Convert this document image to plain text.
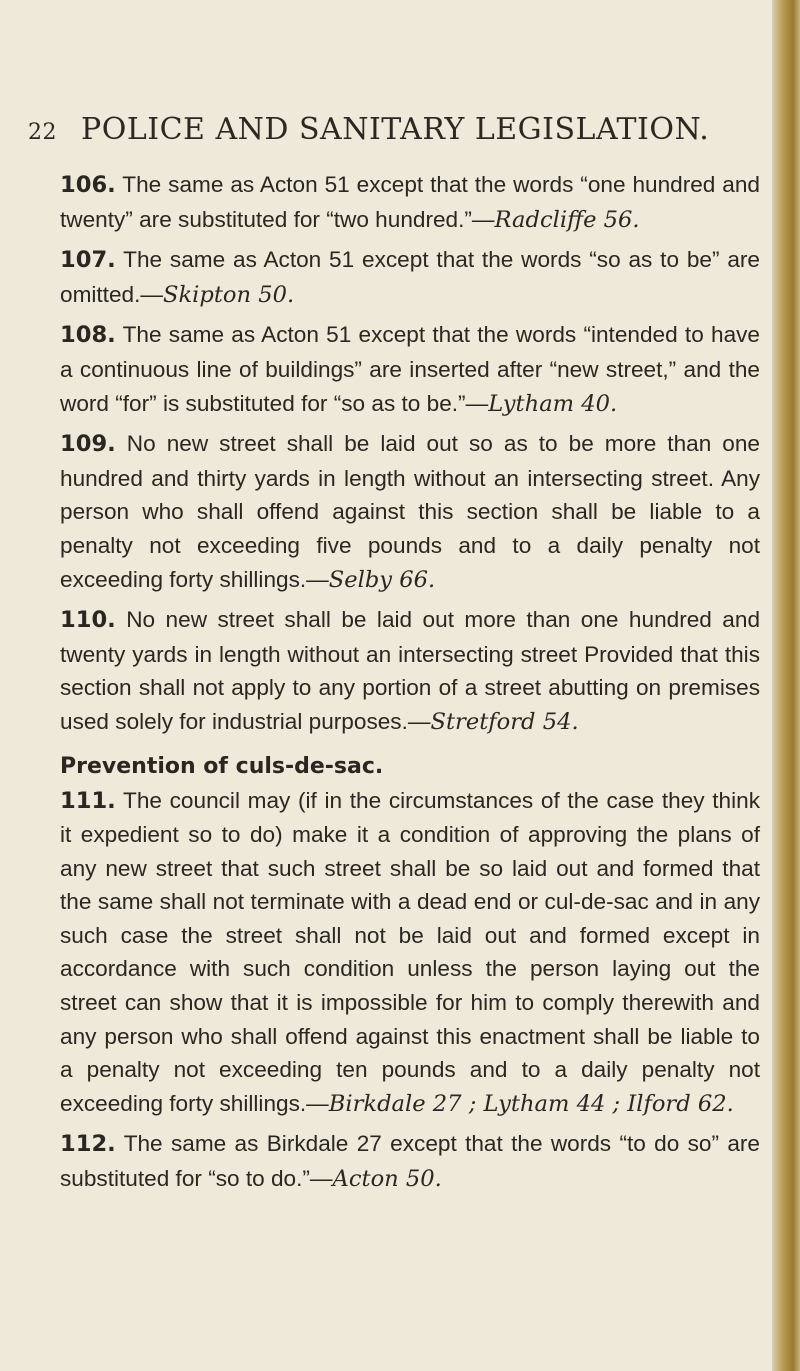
22 POLICE AND SANITARY LEGISLATION.

106. The same as Acton 51 except that the words “one hundred and twenty” are substituted for “two hundred.”—Radcliffe 56.

107. The same as Acton 51 except that the words “so as to be” are omitted.—Skipton 50.

108. The same as Acton 51 except that the words “intended to have a continuous line of buildings” are inserted after “new street,” and the word “for” is substituted for “so as to be.”—Lytham 40.

109. No new street shall be laid out so as to be more than one hundred and thirty yards in length without an intersecting street. Any person who shall offend against this section shall be liable to a penalty not exceeding five pounds and to a daily penalty not exceeding forty shillings.—Selby 66.

110. No new street shall be laid out more than one hundred and twenty yards in length without an intersecting street Provided that this section shall not apply to any portion of a street abutting on premises used solely for industrial purposes.—Stretford 54.

Prevention of culs-de-sac.

111. The council may (if in the circumstances of the case they think it expedient so to do) make it a condition of approving the plans of any new street that such street shall be so laid out and formed that the same shall not terminate with a dead end or cul-de-sac and in any such case the street shall not be laid out and formed except in accordance with such condition unless the person laying out the street can show that it is impossible for him to comply therewith and any person who shall offend against this enactment shall be liable to a penalty not exceeding ten pounds and to a daily penalty not exceeding forty shillings.—Birkdale 27 ; Lytham 44 ; Ilford 62.

112. The same as Birkdale 27 except that the words “to do so” are substituted for “so to do.”—Acton 50.
